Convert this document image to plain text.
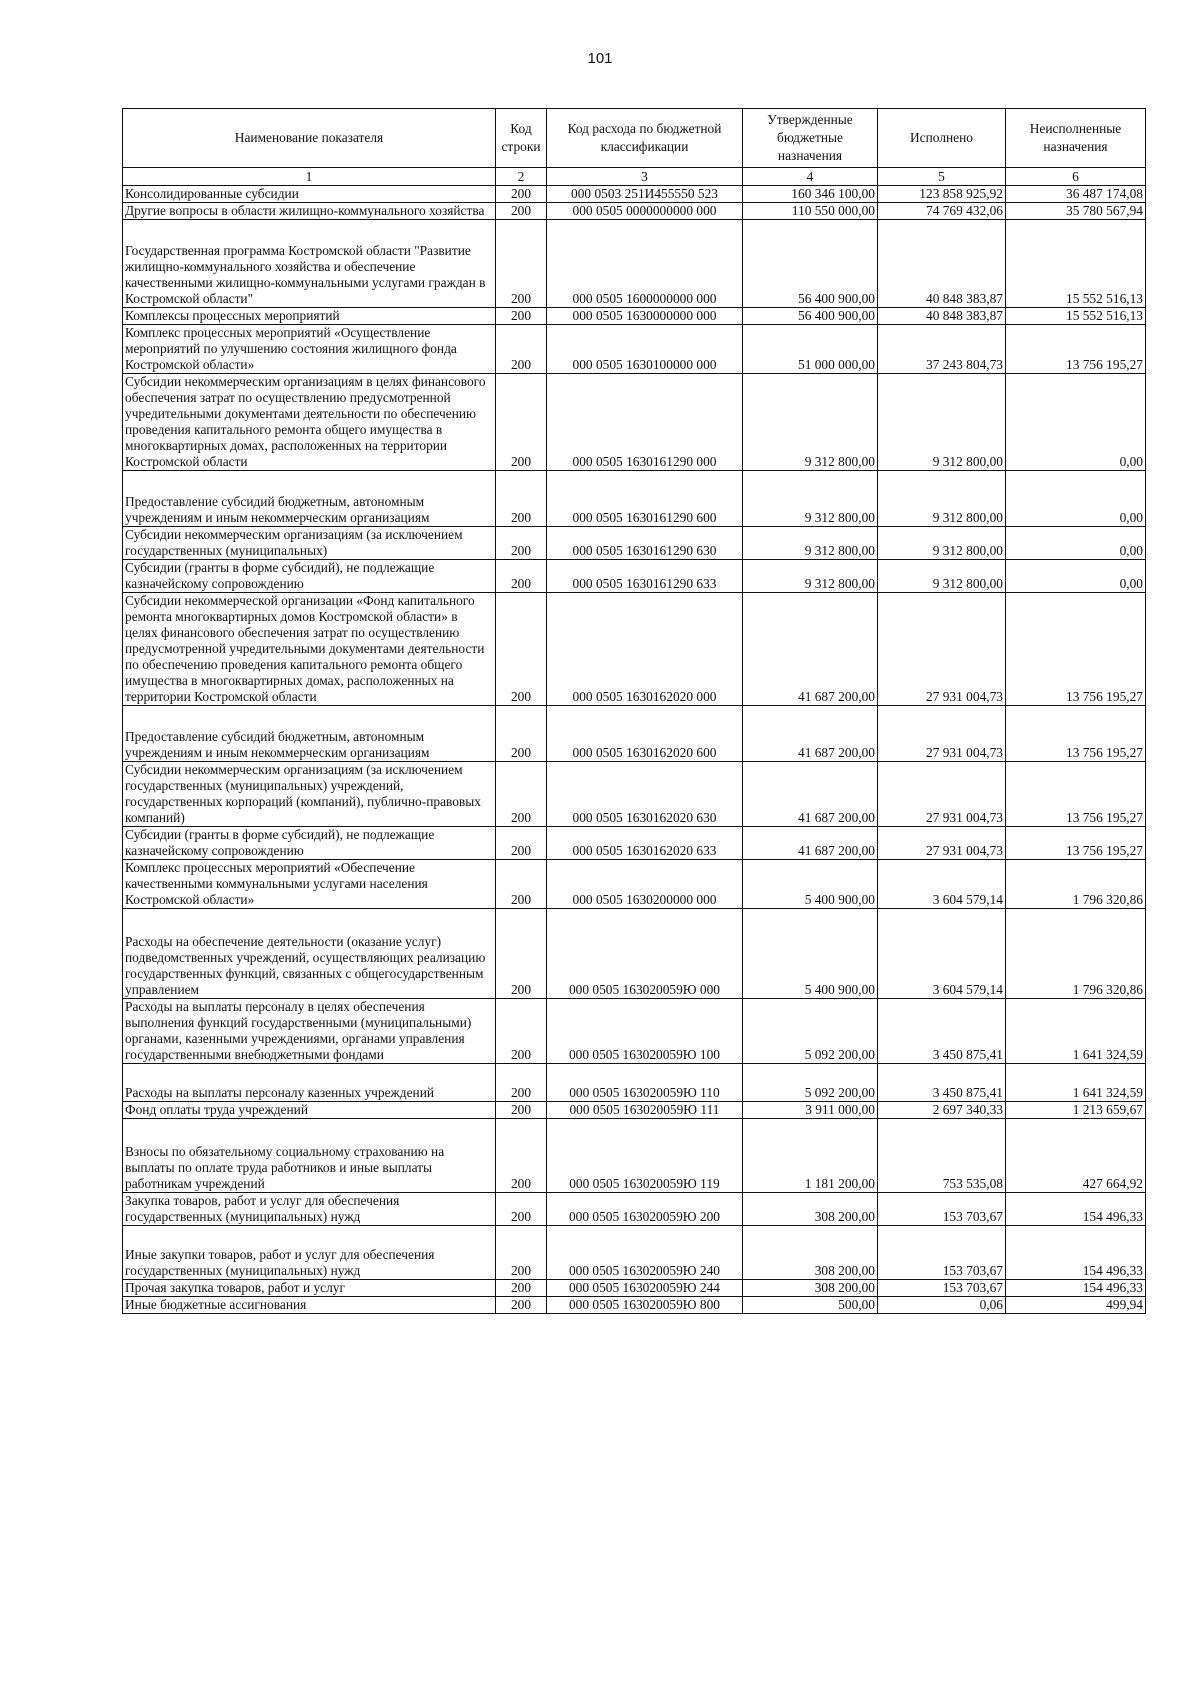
101
Наименование показателя	Код строки	Код расхода по бюджетной классификации	Утвержденные бюджетные назначения	Исполнено	Неисполненные назначения
1	2	3	4	5	6
Консолидированные субсидии	200	000 0503 251И455550 523	160 346 100,00	123 858 925,92	36 487 174,08
Другие вопросы в области жилищно-коммунального хозяйства	200	000 0505 0000000000 000	110 550 000,00	74 769 432,06	35 780 567,94
Государственная программа Костромской области "Развитие жилищно-коммунального хозяйства и обеспечение качественными жилищно-коммунальными услугами граждан в Костромской области"	200	000 0505 1600000000 000	56 400 900,00	40 848 383,87	15 552 516,13
Комплексы процессных мероприятий	200	000 0505 1630000000 000	56 400 900,00	40 848 383,87	15 552 516,13
Комплекс процессных мероприятий «Осуществление мероприятий по улучшению состояния жилищного фонда Костромской области»	200	000 0505 1630100000 000	51 000 000,00	37 243 804,73	13 756 195,27
Субсидии некоммерческим организациям в целях финансового обеспечения затрат по осуществлению предусмотренной учредительными документами деятельности по обеспечению проведения капитального ремонта общего имущества в многоквартирных домах, расположенных на территории Костромской области	200	000 0505 1630161290 000	9 312 800,00	9 312 800,00	0,00
Предоставление субсидий бюджетным, автономным учреждениям и иным некоммерческим организациям	200	000 0505 1630161290 600	9 312 800,00	9 312 800,00	0,00
Субсидии некоммерческим организациям (за исключением государственных (муниципальных)	200	000 0505 1630161290 630	9 312 800,00	9 312 800,00	0,00
Субсидии (гранты в форме субсидий), не подлежащие казначейскому сопровождению	200	000 0505 1630161290 633	9 312 800,00	9 312 800,00	0,00
Субсидии некоммерческой организации «Фонд капитального ремонта многоквартирных домов Костромской области» в целях финансового обеспечения затрат по осуществлению предусмотренной учредительными документами деятельности по обеспечению проведения капитального ремонта общего имущества в многоквартирных домах, расположенных на территории Костромской области	200	000 0505 1630162020 000	41 687 200,00	27 931 004,73	13 756 195,27
Предоставление субсидий бюджетным, автономным учреждениям и иным некоммерческим организациям	200	000 0505 1630162020 600	41 687 200,00	27 931 004,73	13 756 195,27
Субсидии некоммерческим организациям (за исключением государственных (муниципальных) учреждений, государственных корпораций (компаний), публично-правовых компаний)	200	000 0505 1630162020 630	41 687 200,00	27 931 004,73	13 756 195,27
Субсидии (гранты в форме субсидий), не подлежащие казначейскому сопровождению	200	000 0505 1630162020 633	41 687 200,00	27 931 004,73	13 756 195,27
Комплекс процессных мероприятий «Обеспечение качественными коммунальными услугами населения Костромской области»	200	000 0505 1630200000 000	5 400 900,00	3 604 579,14	1 796 320,86
Расходы на обеспечение деятельности (оказание услуг) подведомственных учреждений, осуществляющих реализацию государственных функций, связанных с общегосударственным управлением	200	000 0505 163020059Ю 000	5 400 900,00	3 604 579,14	1 796 320,86
Расходы на выплаты персоналу в целях обеспечения выполнения функций государственными (муниципальными) органами, казенными учреждениями, органами управления государственными внебюджетными фондами	200	000 0505 163020059Ю 100	5 092 200,00	3 450 875,41	1 641 324,59
Расходы на выплаты персоналу казенных учреждений	200	000 0505 163020059Ю 110	5 092 200,00	3 450 875,41	1 641 324,59
Фонд оплаты труда учреждений	200	000 0505 163020059Ю 111	3 911 000,00	2 697 340,33	1 213 659,67
Взносы по обязательному социальному страхованию на выплаты по оплате труда работников и иные выплаты работникам учреждений	200	000 0505 163020059Ю 119	1 181 200,00	753 535,08	427 664,92
Закупка товаров, работ и услуг для обеспечения государственных (муниципальных) нужд	200	000 0505 163020059Ю 200	308 200,00	153 703,67	154 496,33
Иные закупки товаров, работ и услуг для обеспечения государственных (муниципальных) нужд	200	000 0505 163020059Ю 240	308 200,00	153 703,67	154 496,33
Прочая закупка товаров, работ и услуг	200	000 0505 163020059Ю 244	308 200,00	153 703,67	154 496,33
Иные бюджетные ассигнования	200	000 0505 163020059Ю 800	500,00	0,06	499,94
